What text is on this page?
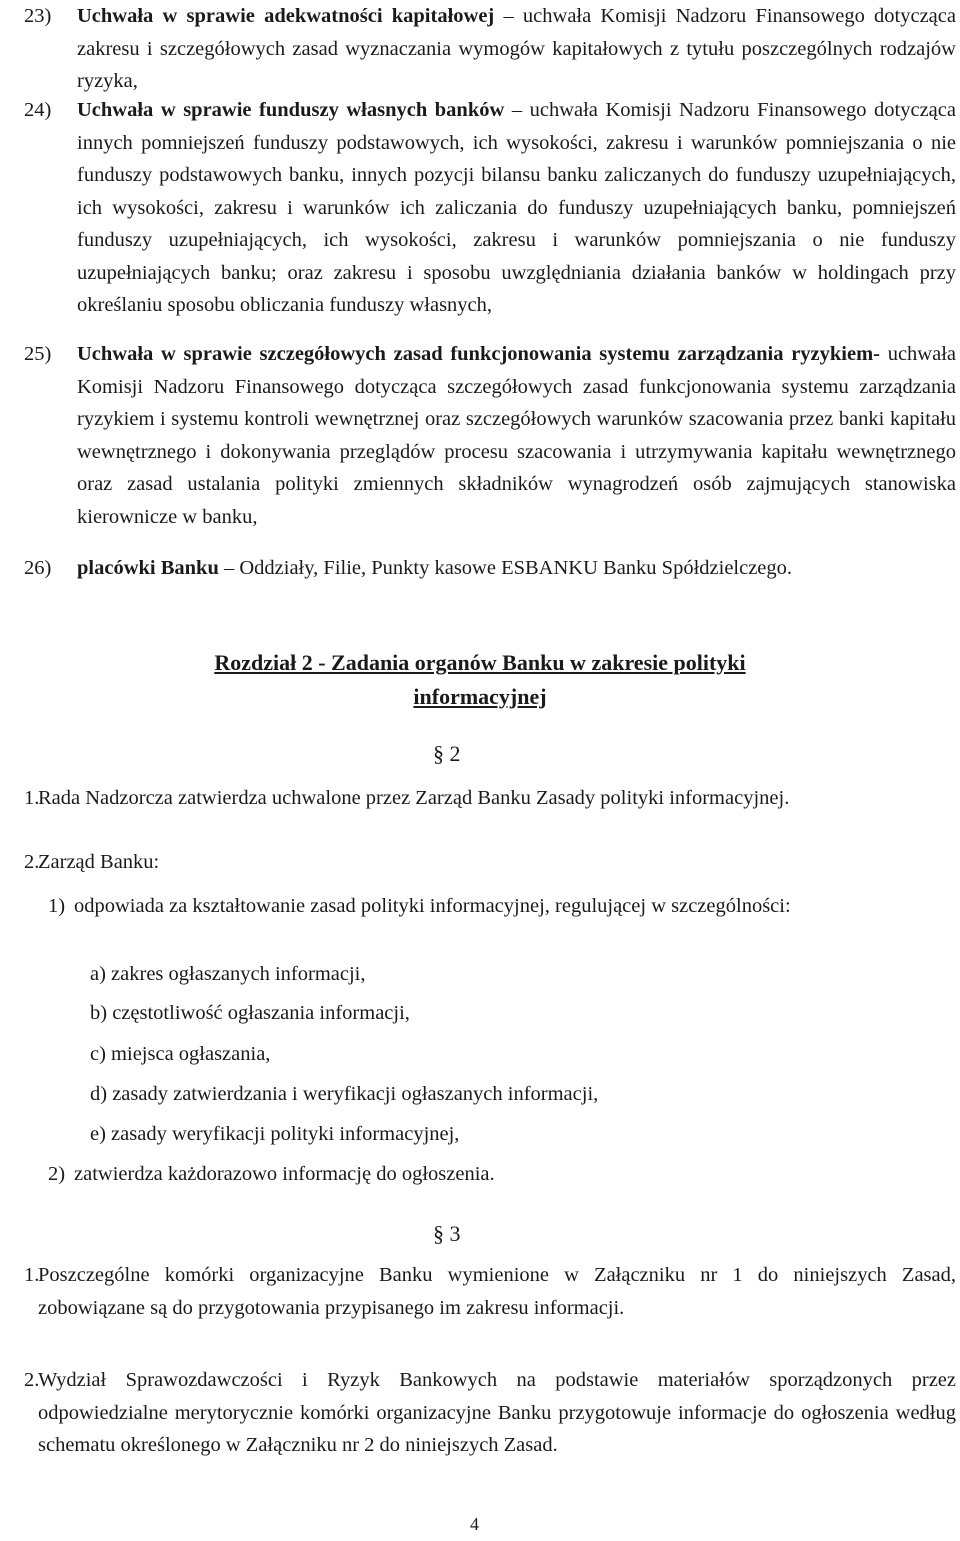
23) Uchwała w sprawie adekwatności kapitałowej – uchwała Komisji Nadzoru Finansowego dotycząca zakresu i szczegółowych zasad wyznaczania wymogów kapitałowych z tytułu poszczególnych rodzajów ryzyka,
24) Uchwała w sprawie funduszy własnych banków – uchwała Komisji Nadzoru Finansowego dotycząca innych pomniejszeń funduszy podstawowych, ich wysokości, zakresu i warunków pomniejszania o nie funduszy podstawowych banku, innych pozycji bilansu banku zaliczanych do funduszy uzupełniających, ich wysokości, zakresu i warunków ich zaliczania do funduszy uzupełniających banku, pomniejszeń funduszy uzupełniających, ich wysokości, zakresu i warunków pomniejszania o nie funduszy uzupełniających banku; oraz zakresu i sposobu uwzględniania działania banków w holdingach przy określaniu sposobu obliczania funduszy własnych,
25) Uchwała w sprawie szczegółowych zasad funkcjonowania systemu zarządzania ryzykiem- uchwała Komisji Nadzoru Finansowego dotycząca szczegółowych zasad funkcjonowania systemu zarządzania ryzykiem i systemu kontroli wewnętrznej oraz szczegółowych warunków szacowania przez banki kapitału wewnętrznego i dokonywania przeglądów procesu szacowania i utrzymywania kapitału wewnętrznego oraz zasad ustalania polityki zmiennych składników wynagrodzeń osób zajmujących stanowiska kierownicze w banku,
26) placówki Banku – Oddziały, Filie, Punkty kasowe ESBANKU Banku Spółdzielczego.
Rozdział 2 - Zadania organów Banku w zakresie polityki informacyjnej
§ 2
1.
Rada Nadzorcza zatwierdza uchwalone przez Zarząd Banku Zasady polityki informacyjnej.
2.
Zarząd Banku:
1) odpowiada za kształtowanie zasad polityki informacyjnej, regulującej w szczególności:
a) zakres ogłaszanych informacji,
b) częstotliwość ogłaszania informacji,
c) miejsca ogłaszania,
d) zasady zatwierdzania i weryfikacji ogłaszanych informacji,
e) zasady weryfikacji polityki informacyjnej,
2) zatwierdza każdorazowo informację do ogłoszenia.
§ 3
1.
Poszczególne komórki organizacyjne Banku wymienione w Załączniku nr 1 do niniejszych Zasad, zobowiązane są do przygotowania przypisanego im zakresu informacji.
2.
Wydział Sprawozdawczości i Ryzyk Bankowych na podstawie materiałów sporządzonych przez odpowiedzialne merytorycznie komórki organizacyjne Banku przygotowuje informacje do ogłoszenia według schematu określonego w Załączniku nr 2 do niniejszych Zasad.
4
